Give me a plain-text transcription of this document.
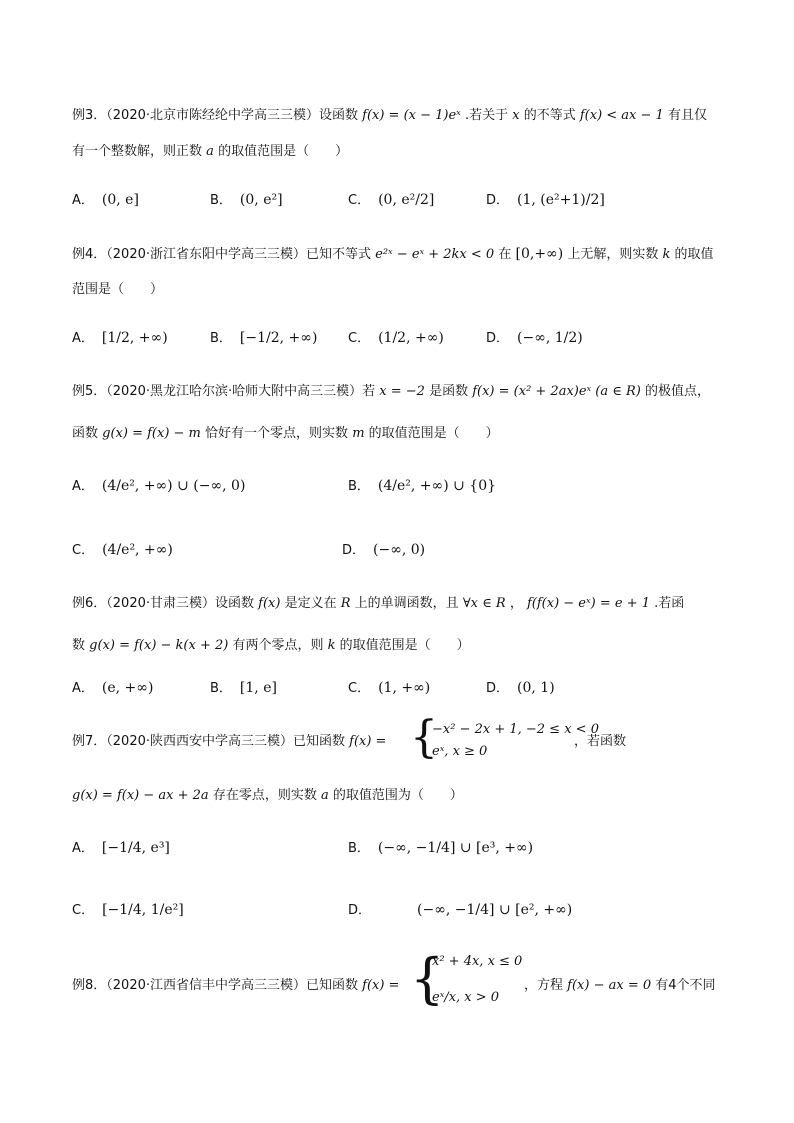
例3．（2020·北京市陈经纶中学高三三模）设函数 f(x) = (x − 1)eˣ .若关于 x 的不等式 f(x) < ax − 1 有且仅
有一个整数解，则正数 a 的取值范围是（　　）
A． (0, e]	B． (0, e²]	C． (0, e²/2]	D． (1, (e²+1)/2]
例4．（2020·浙江省东阳中学高三三模）已知不等式 e²ˣ − eˣ + 2kx < 0 在 [0,+∞) 上无解，则实数 k 的取值
范围是（　　）
A． [1/2, +∞)	B． [−1/2, +∞) C． (1/2, +∞)	D． (−∞, 1/2)
例5．（2020·黑龙江哈尔滨·哈师大附中高三三模）若 x = −2 是函数 f(x) = (x² + 2ax)eˣ (a ∈ R) 的极值点，
函数 g(x) = f(x) − m 恰好有一个零点，则实数 m 的取值范围是（　　）
A． (4/e², +∞) ∪ (−∞, 0)	B． (4/e², +∞) ∪ {0}
C． (4/e², +∞)	D． (−∞, 0)
例6．（2020·甘肃三模）设函数 f(x) 是定义在 R 上的单调函数，且 ∀x ∈ R ， f(f(x) − eˣ) = e + 1 .若函
数 g(x) = f(x) − k(x + 2) 有两个零点，则 k 的取值范围是（　　）
A． (e, +∞)	B． [1, e]	C． (1, +∞)	D． (0, 1)
例7．（2020·陕西西安中学高三三模）已知函数 f(x) = {
−x² − 2x + 1, −2 ≤ x < 0
eˣ, x ≥ 0
，若函数
g(x) = f(x) − ax + 2a 存在零点，则实数 a 的取值范围为（　　）
A． [−1/4, e³]	B． (−∞, −1/4] ∪ [e³, +∞)
C． [−1/4, 1/e²]	D．	(−∞, −1/4] ∪ [e², +∞)
例8．（2020·江西省信丰中学高三三模）已知函数 f(x) = {
x² + 4x, x ≤ 0
eˣ/x, x > 0
，方程 f(x) − ax = 0 有4个不同
